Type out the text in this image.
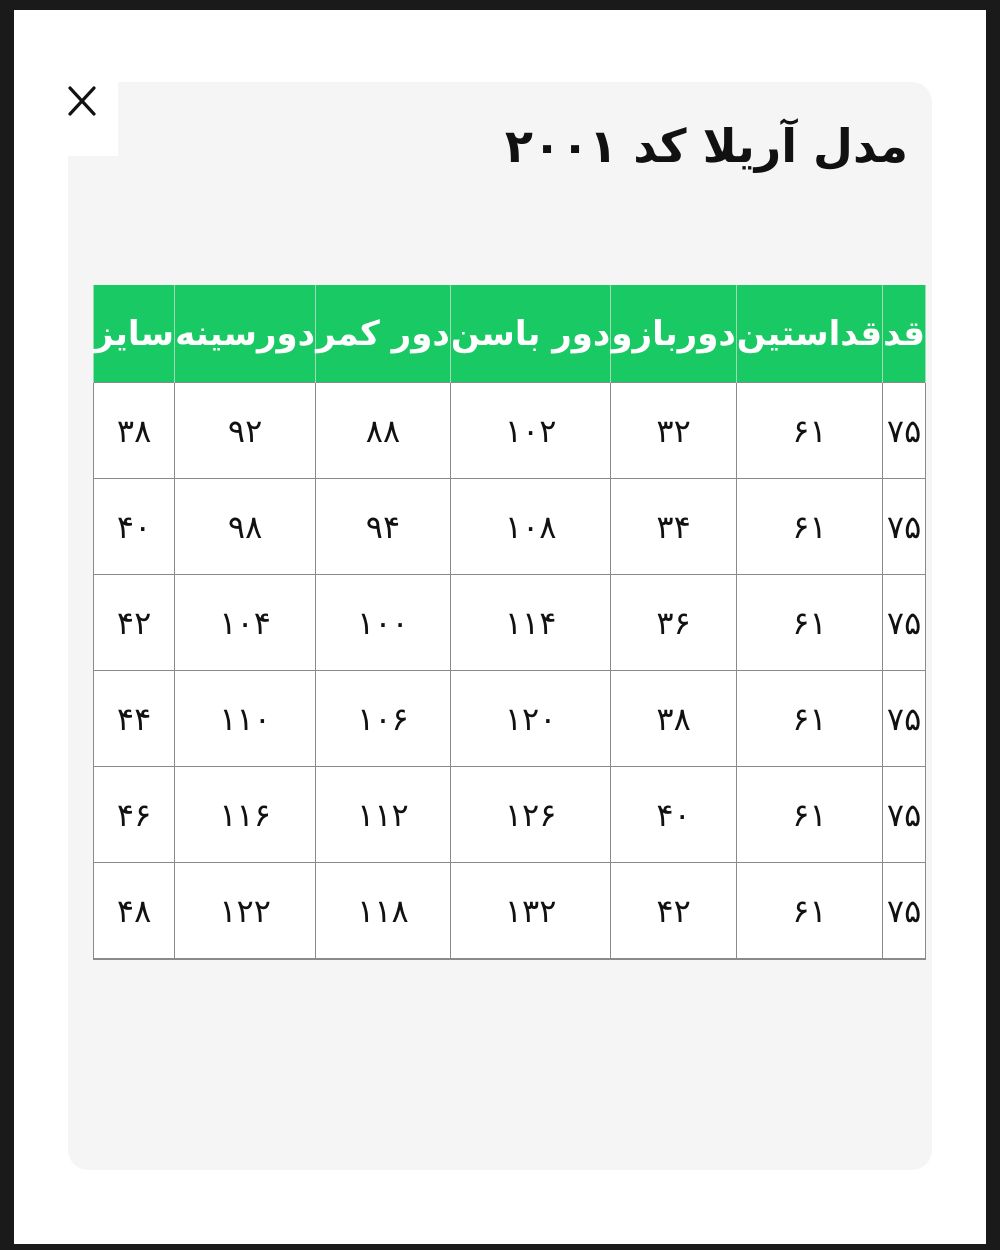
مدل آریلا کد ۲۰۰۱
قد	قداستین	دوربازو	دور باسن	دور کمر	دورسینه	سایز
۷۵	۶۱	۳۲	۱۰۲	۸۸	۹۲	۳۸
۷۵	۶۱	۳۴	۱۰۸	۹۴	۹۸	۴۰
۷۵	۶۱	۳۶	۱۱۴	۱۰۰	۱۰۴	۴۲
۷۵	۶۱	۳۸	۱۲۰	۱۰۶	۱۱۰	۴۴
۷۵	۶۱	۴۰	۱۲۶	۱۱۲	۱۱۶	۴۶
۷۵	۶۱	۴۲	۱۳۲	۱۱۸	۱۲۲	۴۸
